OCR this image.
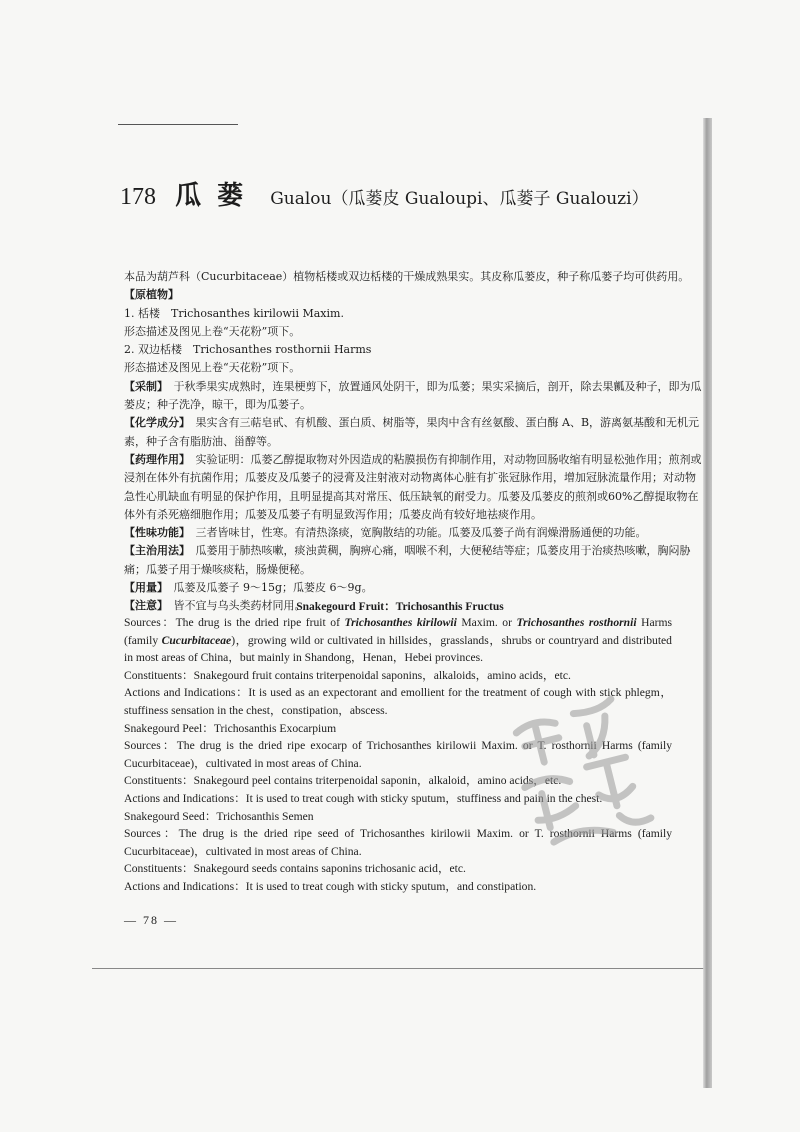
178 瓜蒌 Gualou（瓜蒌皮 Gualoupi、瓜蒌子 Gualouzi）

本品为葫芦科（Cucurbitaceae）植物栝楼或双边栝楼的干燥成熟果实。其皮称瓜蒌皮，种子称瓜蒌子均可供药用。

【原植物】

1. 栝楼　Trichosanthes kirilowii Maxim.

形态描述及图见上卷“天花粉”项下。

2. 双边栝楼　Trichosanthes rosthornii Harms

形态描述及图见上卷“天花粉”项下。

【采制】　 于秋季果实成熟时，连果梗剪下，放置通风处阴干，即为瓜蒌；果实采摘后，剖开，除去果瓤及种子，即为瓜蒌皮；种子洗净，晾干，即为瓜蒌子。

【化学成分】　 果实含有三萜皂甙、有机酸、蛋白质、树脂等，果肉中含有丝氨酸、蛋白酶 A、B，游离氨基酸和无机元素，种子含有脂肪油、甾醇等。

【药理作用】　 实验证明：瓜蒌乙醇提取物对外因造成的粘膜损伤有抑制作用，对动物回肠收缩有明显松弛作用；煎剂或浸剂在体外有抗菌作用；瓜蒌皮及瓜蒌子的浸膏及注射液对动物离体心脏有扩张冠脉作用，增加冠脉流量作用；对动物急性心肌缺血有明显的保护作用，且明显提高其对常压、低压缺氧的耐受力。瓜蒌及瓜蒌皮的煎剂或60%乙醇提取物在体外有杀死癌细胞作用；瓜蒌及瓜蒌子有明显致泻作用；瓜蒌皮尚有较好地祛痰作用。

【性味功能】　 三者皆味甘，性寒。有清热涤痰，宽胸散结的功能。瓜蒌及瓜蒌子尚有润燥滑肠通便的功能。

【主治用法】　 瓜蒌用于肺热咳嗽，痰浊黄稠，胸痹心痛，咽喉不利，大便秘结等症；瓜蒌皮用于治痰热咳嗽，胸闷胁痛；瓜蒌子用于燥咳痰粘，肠燥便秘。

【用量】　 瓜蒌及瓜蒌子 9～15g；瓜蒌皮 6～9g。

【注意】　 皆不宜与乌头类药材同用。

Snakegourd Fruit：Trichosanthis Fructus

Sources：The drug is the dried ripe fruit of Trichosanthes kirilowii Maxim. or Trichosanthes rosthornii Harms (family Cucurbitaceae)，growing wild or cultivated in hillsides，grasslands，shrubs or countryard and distributed in most areas of China，but mainly in Shandong，Henan，Hebei provinces.

Constituents：Snakegourd fruit contains triterpenoidal saponins，alkaloids，amino acids，etc.

Actions and Indications：It is used as an expectorant and emollient for the treatment of cough with stick phlegm，stuffiness sensation in the chest，constipation，abscess.

Snakegourd Peel：Trichosanthis Exocarpium

Sources：The drug is the dried ripe exocarp of Trichosanthes kirilowii Maxim. or T. rosthornii Harms (family Cucurbitaceae)，cultivated in most areas of China.

Constituents：Snakegourd peel contains triterpenoidal saponin，alkaloid，amino acids，etc.

Actions and Indications：It is used to treat cough with sticky sputum，stuffiness and pain in the chest.

Snakegourd Seed：Trichosanthis Semen

Sources：The drug is the dried ripe seed of Trichosanthes kirilowii Maxim. or T. rosthornii Harms (family Cucurbitaceae)，cultivated in most areas of China.

Constituents：Snakegourd seeds contains saponins trichosanic acid，etc.

Actions and Indications：It is used to treat cough with sticky sputum，and constipation.

— 78 —
